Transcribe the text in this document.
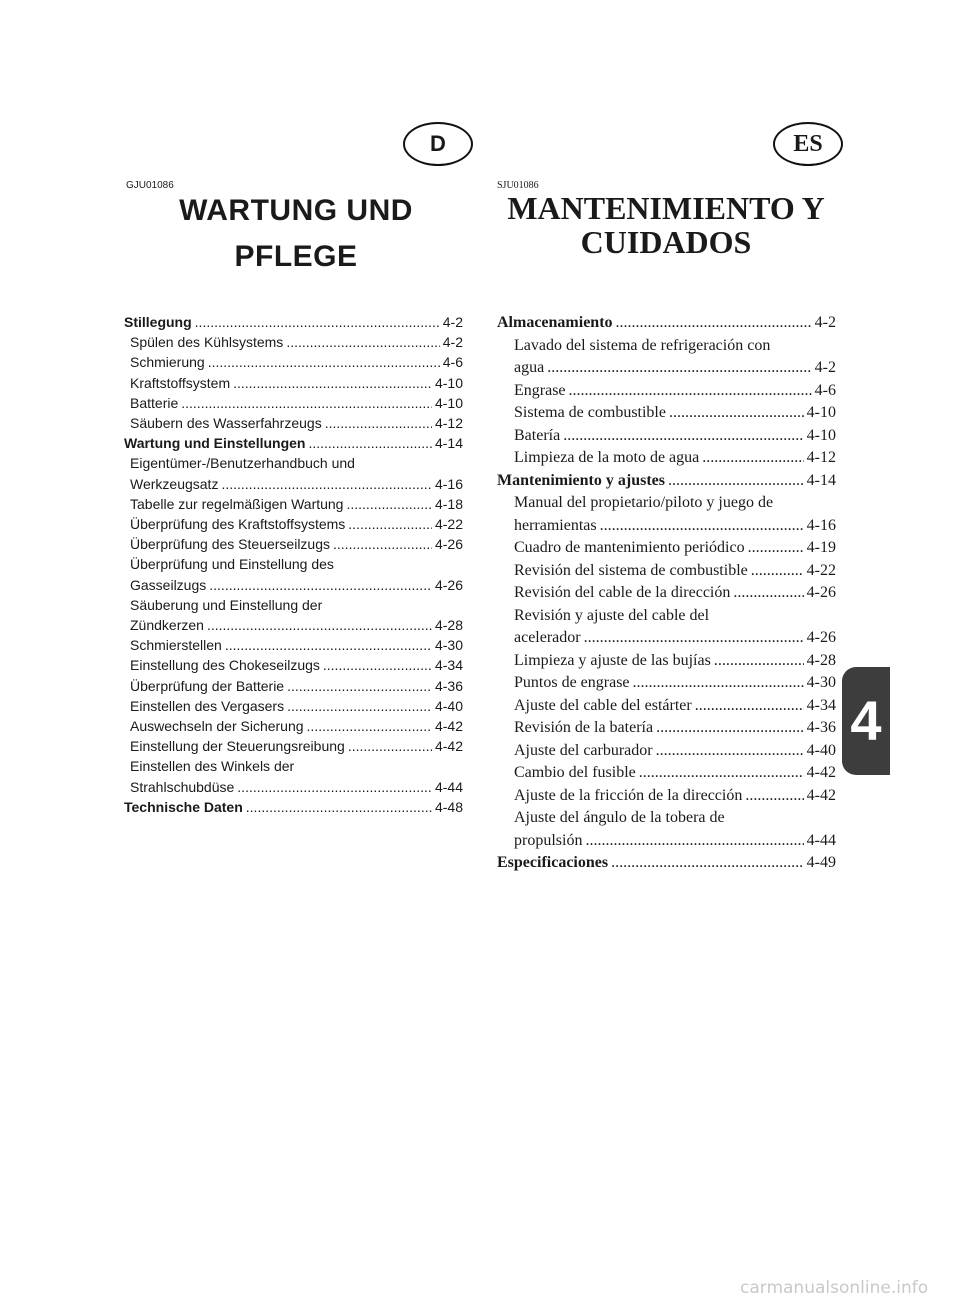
D	ES
GJU01086	SJU01086
WARTUNG UND
PFLEGE
MANTENIMIENTO Y
CUIDADOS
Stillegung .....	4-2
Spülen des Kühlsystems .....	4-2
Schmierung .....	4-6
Kraftstoffsystem .....	4-10
Batterie .....	4-10
Säubern des Wasserfahrzeugs .....	4-12
Wartung und Einstellungen .....	4-14
Eigentümer-/Benutzerhandbuch und
Werkzeugsatz .....	4-16
Tabelle zur regelmäßigen Wartung .....	4-18
Überprüfung des Kraftstoffsystems .....	4-22
Überprüfung des Steuerseilzugs .....	4-26
Überprüfung und Einstellung des
Gasseilzugs .....	4-26
Säuberung und Einstellung der
Zündkerzen .....	4-28
Schmierstellen .....	4-30
Einstellung des Chokeseilzugs .....	4-34
Überprüfung der Batterie .....	4-36
Einstellen des Vergasers .....	4-40
Auswechseln der Sicherung .....	4-42
Einstellung der Steuerungsreibung .....	4-42
Einstellen des Winkels der
Strahlschubdüse .....	4-44
Technische Daten .....	4-48
Almacenamiento .....	4-2
Lavado del sistema de refrigeración con
agua .....	4-2
Engrase .....	4-6
Sistema de combustible .....	4-10
Batería .....	4-10
Limpieza de la moto de agua .....	4-12
Mantenimiento y ajustes .....	4-14
Manual del propietario/piloto y juego de
herramientas .....	4-16
Cuadro de mantenimiento periódico .....	4-19
Revisión del sistema de combustible .....	4-22
Revisión del cable de la dirección .....	4-26
Revisión y ajuste del cable del
acelerador .....	4-26
Limpieza y ajuste de las bujías .....	4-28
Puntos de engrase .....	4-30
Ajuste del cable del estárter .....	4-34
Revisión de la batería .....	4-36
Ajuste del carburador .....	4-40
Cambio del fusible .....	4-42
Ajuste de la fricción de la dirección .....	4-42
Ajuste del ángulo de la tobera de
propulsión .....	4-44
Especificaciones .....	4-49
4
carmanualsonline.info
